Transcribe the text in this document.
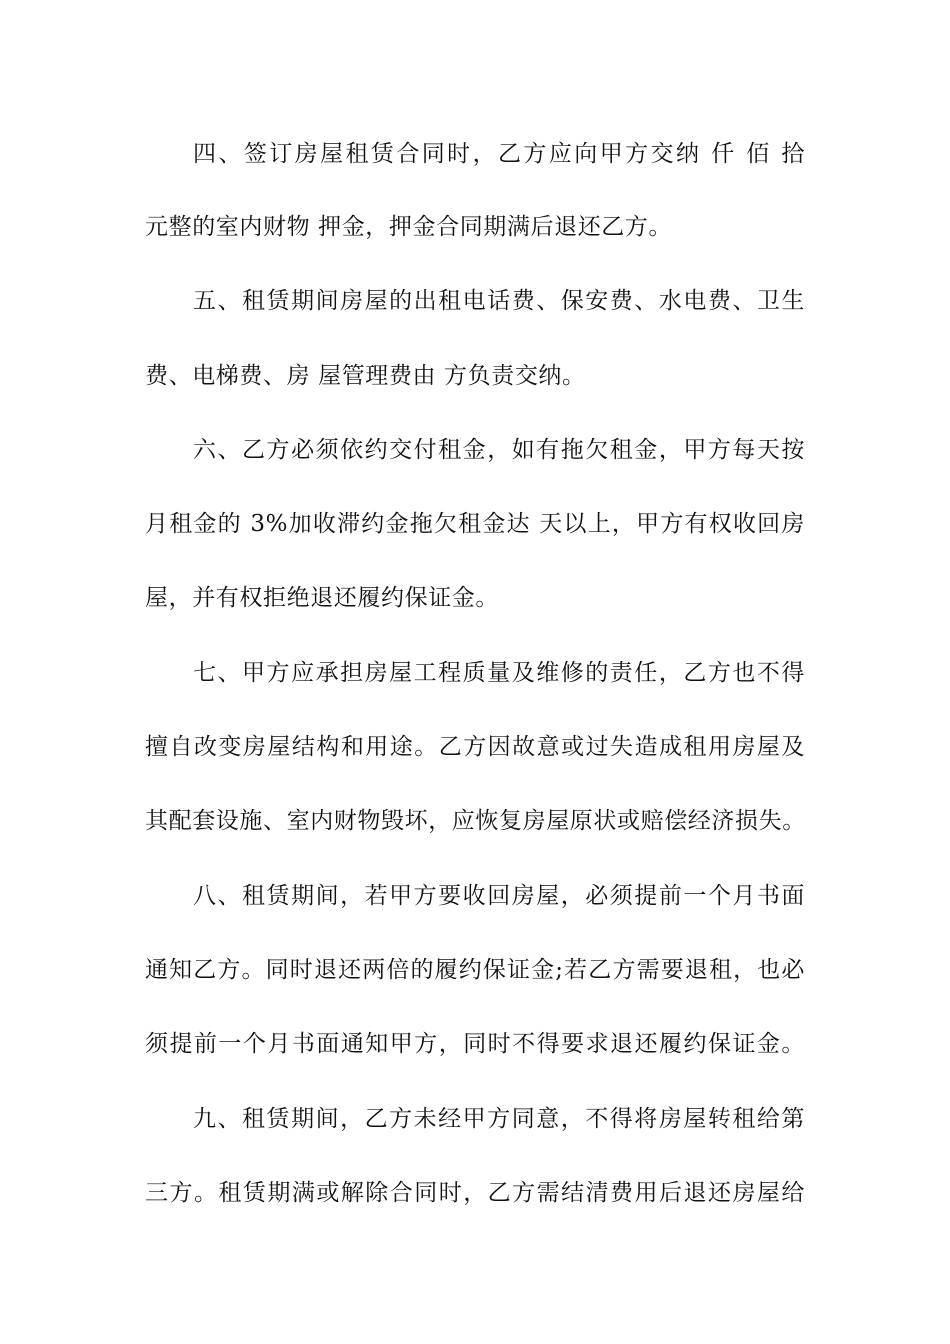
四、签订房屋租赁合同时，乙方应向甲方交纳 仟 佰 拾
元整的室内财物 押金，押金合同期满后退还乙方。
五、租赁期间房屋的出租电话费、保安费、水电费、卫生
费、电梯费、房 屋管理费由 方负责交纳。
六、乙方必须依约交付租金，如有拖欠租金，甲方每天按
月租金的 3%加收滞约金拖欠租金达 天以上，甲方有权收回房
屋，并有权拒绝退还履约保证金。
七、甲方应承担房屋工程质量及维修的责任，乙方也不得
擅自改变房屋结构和用途。乙方因故意或过失造成租用房屋及
其配套设施、室内财物毁坏，应恢复房屋原状或赔偿经济损失。
八、租赁期间，若甲方要收回房屋，必须提前一个月书面
通知乙方。同时退还两倍的履约保证金;若乙方需要退租，也必
须提前一个月书面通知甲方，同时不得要求退还履约保证金。
九、租赁期间，乙方未经甲方同意，不得将房屋转租给第
三方。租赁期满或解除合同时，乙方需结清费用后退还房屋给
